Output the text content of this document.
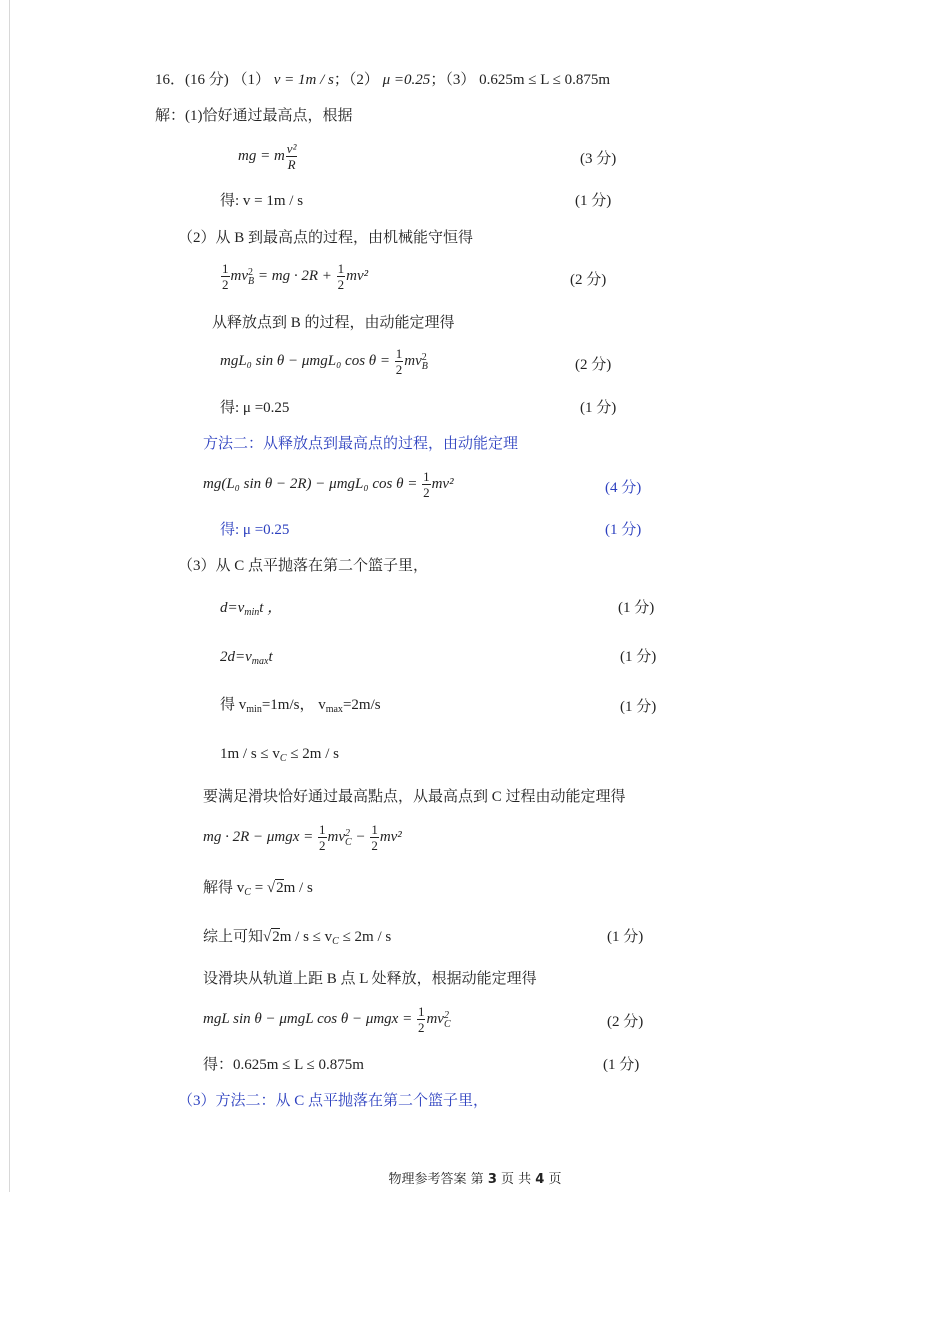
16．(16 分) （1） v = 1m / s；（2） μ =0.25；（3） 0.625m ≤ L ≤ 0.875m
解：(1)恰好通过最高点，根据
mg = m $\frac{\text{v²}}{R}$	(3 分)
得: v = 1m / s	(1 分)
（2）从 B 到最高点的过程，由机械能守恒得
$\frac{1}{2}$ mv 2
B = mg · $2R + \frac{1}{2} mv^2$	(2 分)
从释放点到 B 的过程，由动能定理得
mgL₀ sin θ − μmgL₀ $\cos \theta = \frac{1}{2}$ mv 2
B	(2 分)
得: μ =0.25	(1 分)
方法二：从释放点到最高点的过程，由动能定理
mg(L₀ sin θ − 2R) − μmgL₀ $\cos \theta = \frac{1}{2} mv^2$	(4 分)
得: μ =0.25	(1 分)
（3）从 C 点平抛落在第二个篮子里，
$d=v_{min}t$ ，	(1 分)
$2d=v_{max}t$	(1 分)
得 $v_{min}=1m/s$， $v_{max}=2m/s$	(1 分)
$1m / s \le v_C \le 2m / s$
要满足滑块恰好通过最高點点，从最高点到 C 过程由动能定理得
mg · $2R - \mu mgx = \frac{1}{2}$ mv 2
$C - \frac{1}{2} mv^2$
解得 $v_C = √2m / s$
综上可知$√2m / s \le v_C \le 2m / s$	(1 分)
设滑块从轨道上距 B 点 L 处释放，根据动能定理得
mgL sin θ − μmgL $\cos \theta - \mu mgx = \frac{1}{2}$ mv 2
C	(2 分)
得：0.625m ≤ L ≤ 0.875m	(1 分)
（3）方法二：从 C 点平抛落在第二个篮子里，
物理参考答案 第 3 页 共 4 页
